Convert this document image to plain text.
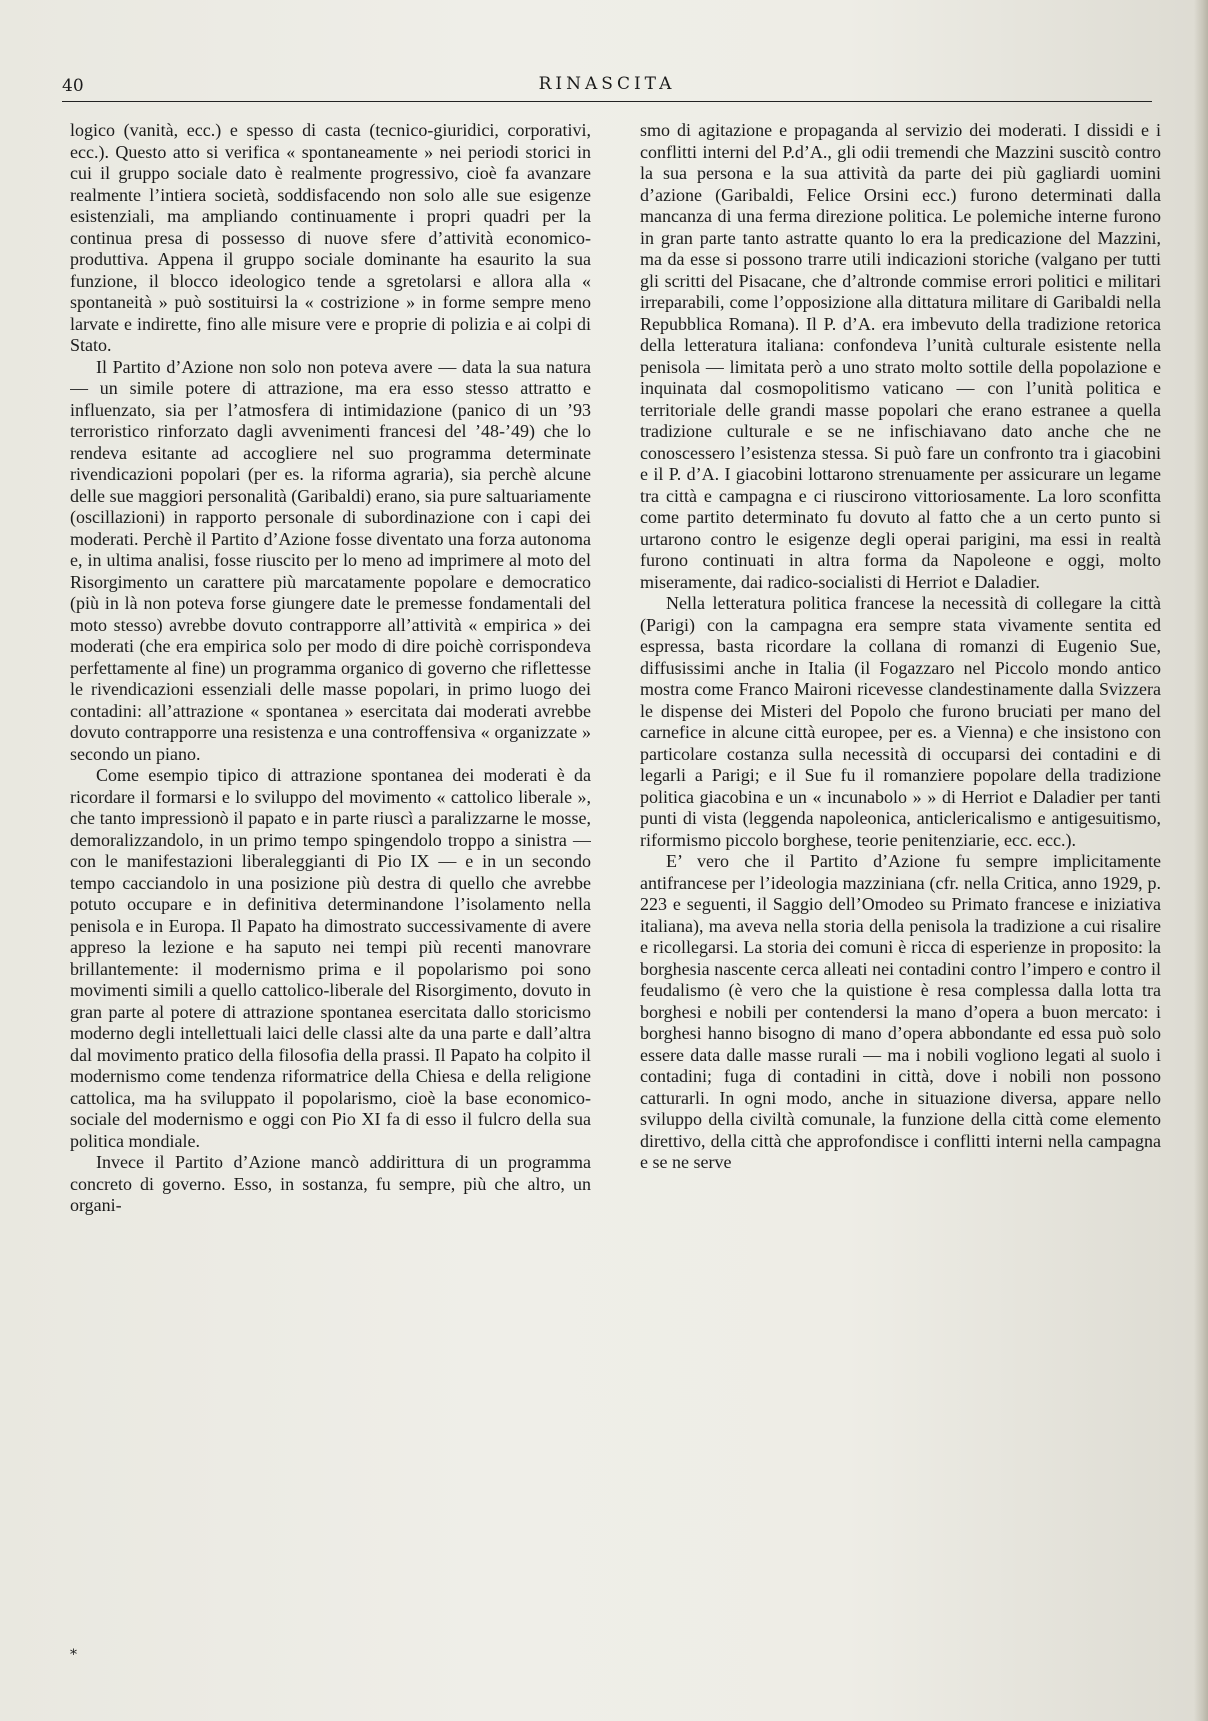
40	RINASCITA

logico (vanità, ecc.) e spesso di casta (tecnico-giuridici, corporativi, ecc.). Questo atto si verifica « spontaneamente » nei periodi storici in cui il gruppo sociale dato è realmente progressivo, cioè fa avanzare realmente l’intiera società, soddisfacendo non solo alle sue esigenze esistenziali, ma ampliando continuamente i propri quadri per la continua presa di possesso di nuove sfere d’attività economico-produttiva. Appena il gruppo sociale dominante ha esaurito la sua funzione, il blocco ideologico tende a sgretolarsi e allora alla « spontaneità » può sostituirsi la « costrizione » in forme sempre meno larvate e indirette, fino alle misure vere e proprie di polizia e ai colpi di Stato.

Il Partito d’Azione non solo non poteva avere — data la sua natura — un simile potere di attrazione, ma era esso stesso attratto e influenzato, sia per l’atmosfera di intimidazione (panico di un ’93 terroristico rinforzato dagli avvenimenti francesi del ’48-’49) che lo rendeva esitante ad accogliere nel suo programma determinate rivendicazioni popolari (per es. la riforma agraria), sia perchè alcune delle sue maggiori personalità (Garibaldi) erano, sia pure saltuariamente (oscillazioni) in rapporto personale di subordinazione con i capi dei moderati. Perchè il Partito d’Azione fosse diventato una forza autonoma e, in ultima analisi, fosse riuscito per lo meno ad imprimere al moto del Risorgimento un carattere più marcatamente popolare e democratico (più in là non poteva forse giungere date le premesse fondamentali del moto stesso) avrebbe dovuto contrapporre all’attività « empirica » dei moderati (che era empirica solo per modo di dire poichè corrispondeva perfettamente al fine) un programma organico di governo che riflettesse le rivendicazioni essenziali delle masse popolari, in primo luogo dei contadini: all’attrazione « spontanea » esercitata dai moderati avrebbe dovuto contrapporre una resistenza e una controffensiva « organizzate » secondo un piano.

Come esempio tipico di attrazione spontanea dei moderati è da ricordare il formarsi e lo sviluppo del movimento « cattolico liberale », che tanto impressionò il papato e in parte riuscì a paralizzarne le mosse, demoralizzandolo, in un primo tempo spingendolo troppo a sinistra — con le manifestazioni liberaleggianti di Pio IX — e in un secondo tempo cacciandolo in una posizione più destra di quello che avrebbe potuto occupare e in definitiva determinandone l’isolamento nella penisola e in Europa. Il Papato ha dimostrato successivamente di avere appreso la lezione e ha saputo nei tempi più recenti manovrare brillantemente: il modernismo prima e il popolarismo poi sono movimenti simili a quello cattolico-liberale del Risorgimento, dovuto in gran parte al potere di attrazione spontanea esercitata dallo storicismo moderno degli intellettuali laici delle classi alte da una parte e dall’altra dal movimento pratico della filosofia della prassi. Il Papato ha colpito il modernismo come tendenza riformatrice della Chiesa e della religione cattolica, ma ha sviluppato il popolarismo, cioè la base economico-sociale del modernismo e oggi con Pio XI fa di esso il fulcro della sua politica mondiale.

Invece il Partito d’Azione mancò addirittura di un programma concreto di governo. Esso, in sostanza, fu sempre, più che altro, un organi-

smo di agitazione e propaganda al servizio dei moderati. I dissidi e i conflitti interni del P.d’A., gli odii tremendi che Mazzini suscitò contro la sua persona e la sua attività da parte dei più gagliardi uomini d’azione (Garibaldi, Felice Orsini ecc.) furono determinati dalla mancanza di una ferma direzione politica. Le polemiche interne furono in gran parte tanto astratte quanto lo era la predicazione del Mazzini, ma da esse si possono trarre utili indicazioni storiche (valgano per tutti gli scritti del Pisacane, che d’altronde commise errori politici e militari irreparabili, come l’opposizione alla dittatura militare di Garibaldi nella Repubblica Romana). Il P. d’A. era imbevuto della tradizione retorica della letteratura italiana: confondeva l’unità culturale esistente nella penisola — limitata però a uno strato molto sottile della popolazione e inquinata dal cosmopolitismo vaticano — con l’unità politica e territoriale delle grandi masse popolari che erano estranee a quella tradizione culturale e se ne infischiavano dato anche che ne conoscessero l’esistenza stessa. Si può fare un confronto tra i giacobini e il P. d’A. I giacobini lottarono strenuamente per assicurare un legame tra città e campagna e ci riuscirono vittoriosamente. La loro sconfitta come partito determinato fu dovuto al fatto che a un certo punto si urtarono contro le esigenze degli operai parigini, ma essi in realtà furono continuati in altra forma da Napoleone e oggi, molto miseramente, dai radico-socialisti di Herriot e Daladier.

Nella letteratura politica francese la necessità di collegare la città (Parigi) con la campagna era sempre stata vivamente sentita ed espressa, basta ricordare la collana di romanzi di Eugenio Sue, diffusissimi anche in Italia (il Fogazzaro nel Piccolo mondo antico mostra come Franco Maironi ricevesse clandestinamente dalla Svizzera le dispense dei Misteri del Popolo che furono bruciati per mano del carnefice in alcune città europee, per es. a Vienna) e che insistono con particolare costanza sulla necessità di occuparsi dei contadini e di legarli a Parigi; e il Sue fu il romanziere popolare della tradizione politica giacobina e un « incunabolo » » di Herriot e Daladier per tanti punti di vista (leggenda napoleonica, anticlericalismo e antigesuitismo, riformismo piccolo borghese, teorie penitenziarie, ecc. ecc.).

E’ vero che il Partito d’Azione fu sempre implicitamente antifrancese per l’ideologia mazziniana (cfr. nella Critica, anno 1929, p. 223 e seguenti, il Saggio dell’Omodeo su Primato francese e iniziativa italiana), ma aveva nella storia della penisola la tradizione a cui risalire e ricollegarsi. La storia dei comuni è ricca di esperienze in proposito: la borghesia nascente cerca alleati nei contadini contro l’impero e contro il feudalismo (è vero che la quistione è resa complessa dalla lotta tra borghesi e nobili per contendersi la mano d’opera a buon mercato: i borghesi hanno bisogno di mano d’opera abbondante ed essa può solo essere data dalle masse rurali — ma i nobili vogliono legati al suolo i contadini; fuga di contadini in città, dove i nobili non possono catturarli. In ogni modo, anche in situazione diversa, appare nello sviluppo della civiltà comunale, la funzione della città come elemento direttivo, della città che approfondisce i conflitti interni nella campagna e se ne serve

*
